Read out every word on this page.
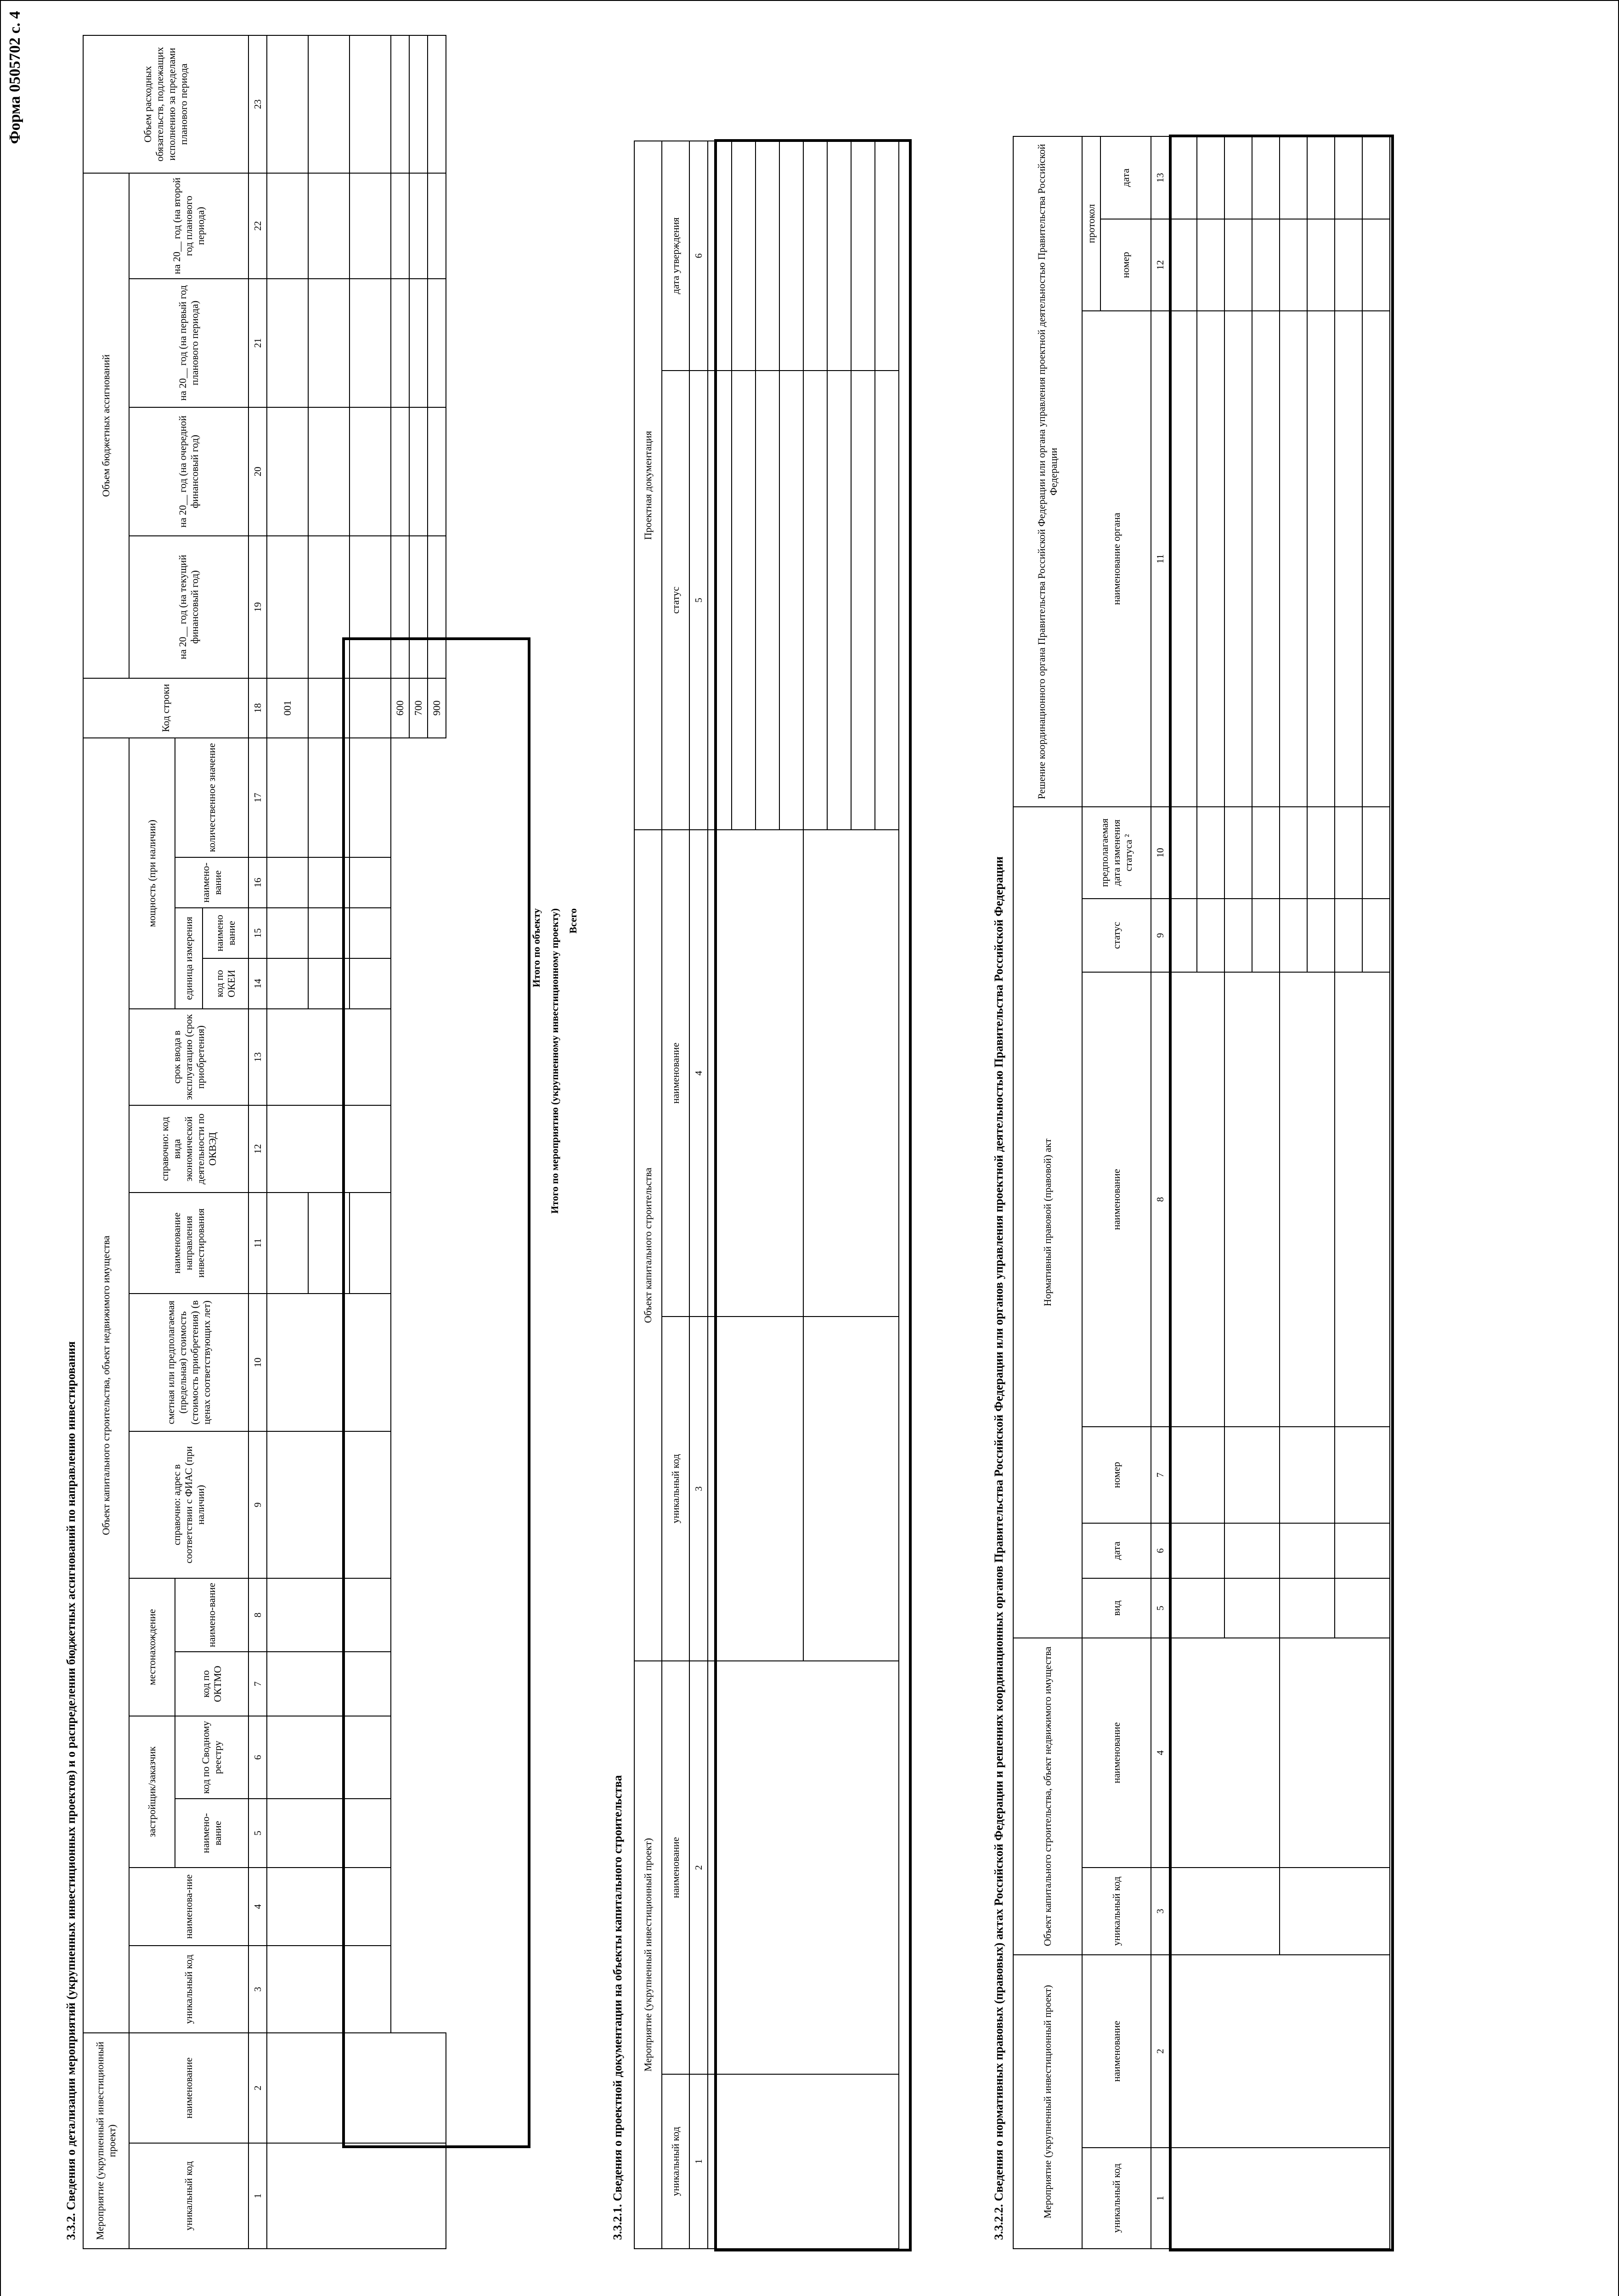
Форма 0505702 с. 4
3.3.2. Сведения о детализации мероприятий (укрупненных инвестиционных проектов) и о распределении бюджетных ассигнований по направлению инвестирования Мероприятие (укрупненный инвестиционный проект)		Объект капитального строительства, объект недвижимого имущества															Код строки	Объем бюджетных ассигнований				Объем расходных обязательств, подлежащих исполнению за пределами планового периода
уникальный код	наименование	уникальный код	наименова-ние	застройщик/заказчик		местонахождение		справочно: адрес в соответствии с ФИАС (при наличии)	сметная или предполагаемая (предельная) стоимость (стоимость приобретения) (в ценах соответствующих лет)	наименование направления инвестирования	справочно: код вида экономической деятельности по ОКВЭД	срок ввода в эксплуатацию (срок приобретения)	мощность (при наличии)					на 20__ год (на текущий финансовый год)	на 20__ год (на очередной финансовый год)	на 20__ год (на первый год планового периода)	на 20__ год (на второй год планового периода)	
				наимено-вание	код по Сводному реестру	код по ОКТМО	наимено-вание						единица измерения		наимено-вание	количественное значение						
													код по ОКЕИ	наимено вание								
1	2	3	4	5	6	7	8	9	10	11	12	13	14	15	16	17	18	19	20	21	22	23
																	001					

																	600					
																	700					
																	900					
Итого по объекту Итого по мероприятию (укрупненному инвестиционному проекту) Всего
3.3.2.1. Сведения о проектной документации на объекты капитального строительства Мероприятие (укрупненный инвестиционный проект)		Объект капитального строительства		Проектная документация	
уникальный код	наименование	уникальный код	наименование	статус	дата утверждения
1	2	3	4	5	6

3.3.2.2. Сведения о нормативных правовых (правовых) актах Российской Федерации и решениях координационных органов Правительства Российской Федерации или органов управления проектной деятельностью Правительства Российской Федерации	Мероприятие (укрупненный инвестиционный проект)		Объект капитального строительства, объект недвижимого имущества		Нормативный правовой (правовой) акт						Решение координационного органа Правительства Российской Федерации или органа управления проектной деятельностью Правительства Российской Федерации		
уникальный код	наименование	уникальный код	наименование	вид	дата	номер	наименование	статус	предполагаемая дата изменения статуса ²	наименование органа	протокол	
											номер	дата
1	2	3	4	5	6	7	8	9	10	11	12	13
